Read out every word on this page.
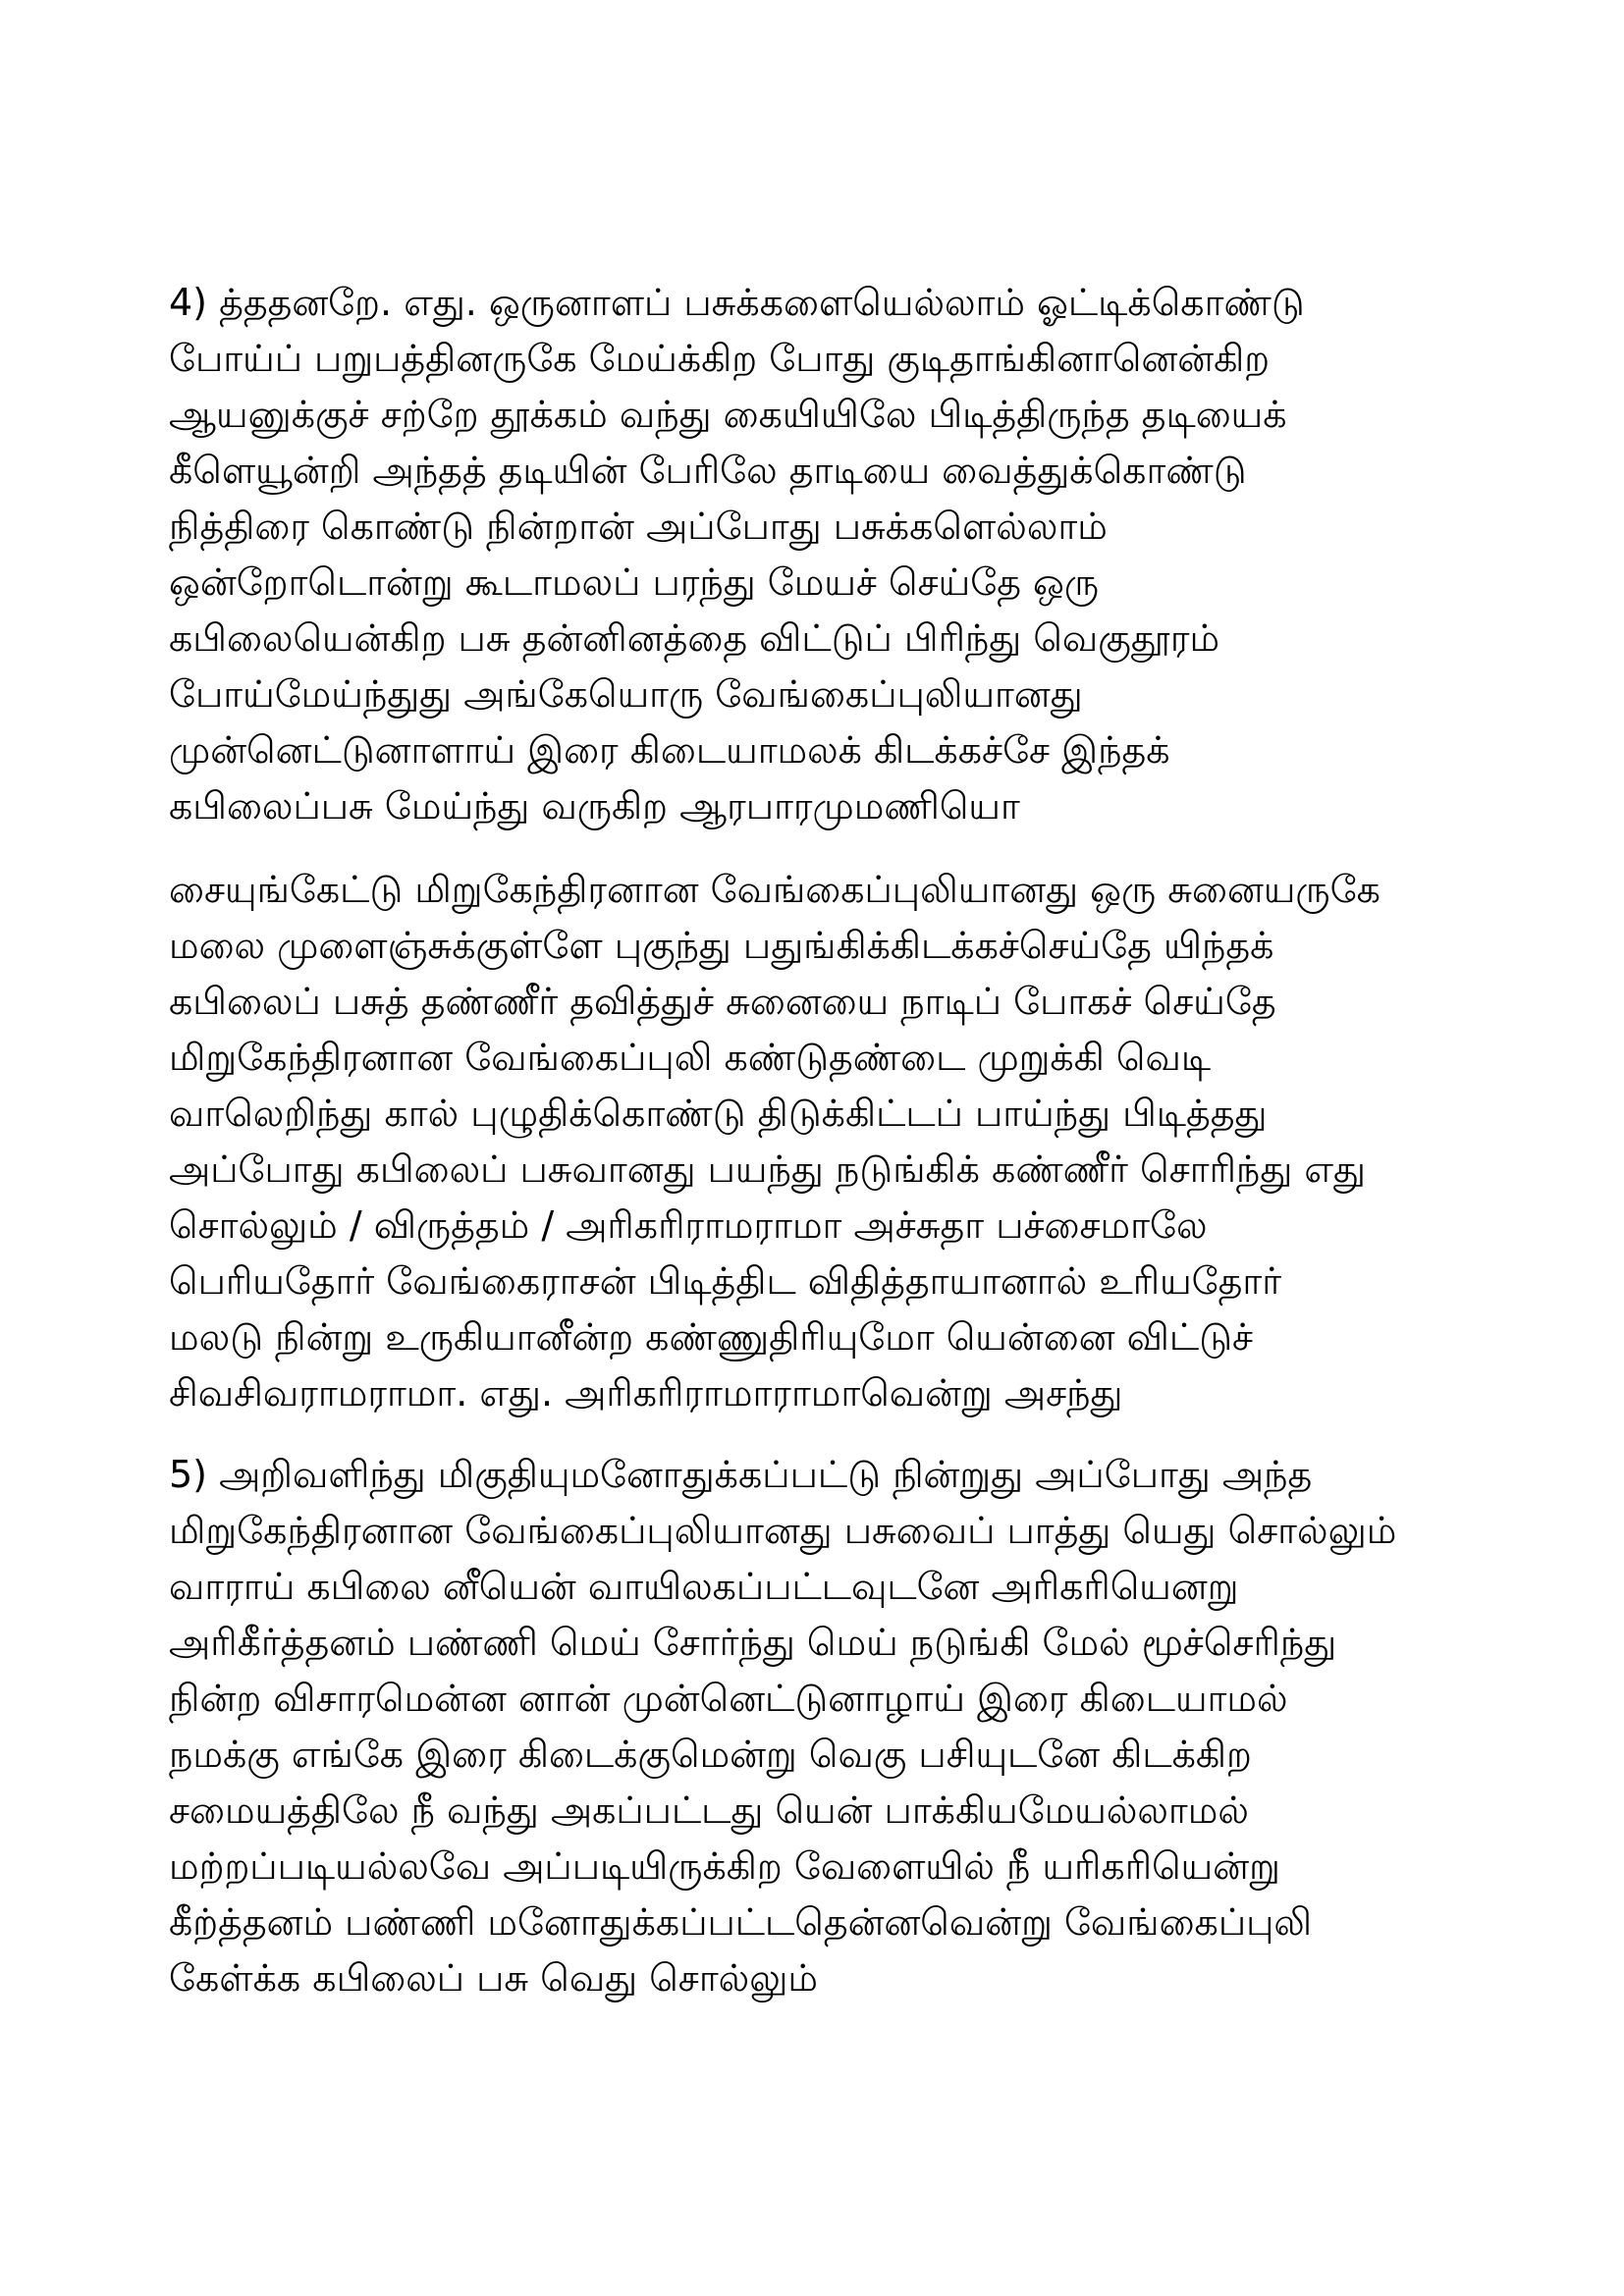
4) த்ததனறே. எது. ஒருனாளப் பசுக்களையெல்லாம் ஓட்டிக்கொண்டு
போய்ப் பறுபத்தினருகே மேய்க்கிற போது குடிதாங்கினானென்கிற
ஆயனுக்குச் சற்றே தூக்கம் வந்து கையியிலே பிடித்திருந்த தடியைக்
கீளெயூன்றி அந்தத் தடியின் பேரிலே தாடியை வைத்துக்கொண்டு
நித்திரை கொண்டு நின்றான் அப்போது பசுக்களெல்லாம்
ஒன்றோடொன்று கூடாமலப் பரந்து மேயச் செய்தே ஒரு
கபிலையென்கிற பசு தன்னினத்தை விட்டுப் பிரிந்து வெகுதூரம்
போய்மேய்ந்துது அங்கேயொரு வேங்கைப்புலியானது
முன்னெட்டுனாளாய் இரை கிடையாமலக் கிடக்கச்சே இந்தக்
கபிலைப்பசு மேய்ந்து வருகிற ஆரபாரமுமணியொ
சையுங்கேட்டு மிறுகேந்திரனான வேங்கைப்புலியானது ஒரு சுனையருகே
மலை முளைஞ்சுக்குள்ளே புகுந்து பதுங்கிக்கிடக்கச்செய்தே யிந்தக்
கபிலைப் பசுத் தண்ணீர் தவித்துச் சுனையை நாடிப் போகச் செய்தே
மிறுகேந்திரனான வேங்கைப்புலி கண்டுதண்டை முறுக்கி வெடி
வாலெறிந்து கால் புழுதிக்கொண்டு திடுக்கிட்டப் பாய்ந்து பிடித்தது
அப்போது கபிலைப் பசுவானது பயந்து நடுங்கிக் கண்ணீர் சொரிந்து எது
சொல்லும் / விருத்தம் / அரிகரிராமராமா அச்சுதா பச்சைமாலே
பெரியதோர் வேங்கைராசன் பிடித்திட விதித்தாயானால் உரியதோர்
மலடு நின்று உருகியானீன்ற கண்ணுதிரியுமோ யென்னை விட்டுச்
சிவசிவராமராமா. எது. அரிகரிராமாராமாவென்று அசந்து
5) அறிவளிந்து மிகுதியுமனோதுக்கப்பட்டு நின்றுது அப்போது அந்த
மிறுகேந்திரனான வேங்கைப்புலியானது பசுவைப் பாத்து யெது சொல்லும்
வாராய் கபிலை னீயென் வாயிலகப்பட்டவுடனே அரிகரியெனறு
அரிகீர்த்தனம் பண்ணி மெய் சோர்ந்து மெய் நடுங்கி மேல் மூச்செரிந்து
நின்ற விசாரமென்ன னான் முன்னெட்டுனாழாய் இரை கிடையாமல்
நமக்கு எங்கே இரை கிடைக்குமென்று வெகு பசியுடனே கிடக்கிற
சமையத்திலே நீ வந்து அகப்பட்டது யென் பாக்கியமேயல்லாமல்
மற்றப்படியல்லவே அப்படியிருக்கிற வேளையில் நீ யரிகரியென்று
கீற்த்தனம் பண்ணி மனோதுக்கப்பட்டதென்னவென்று வேங்கைப்புலி
கேள்க்க கபிலைப் பசு வெது சொல்லும்
